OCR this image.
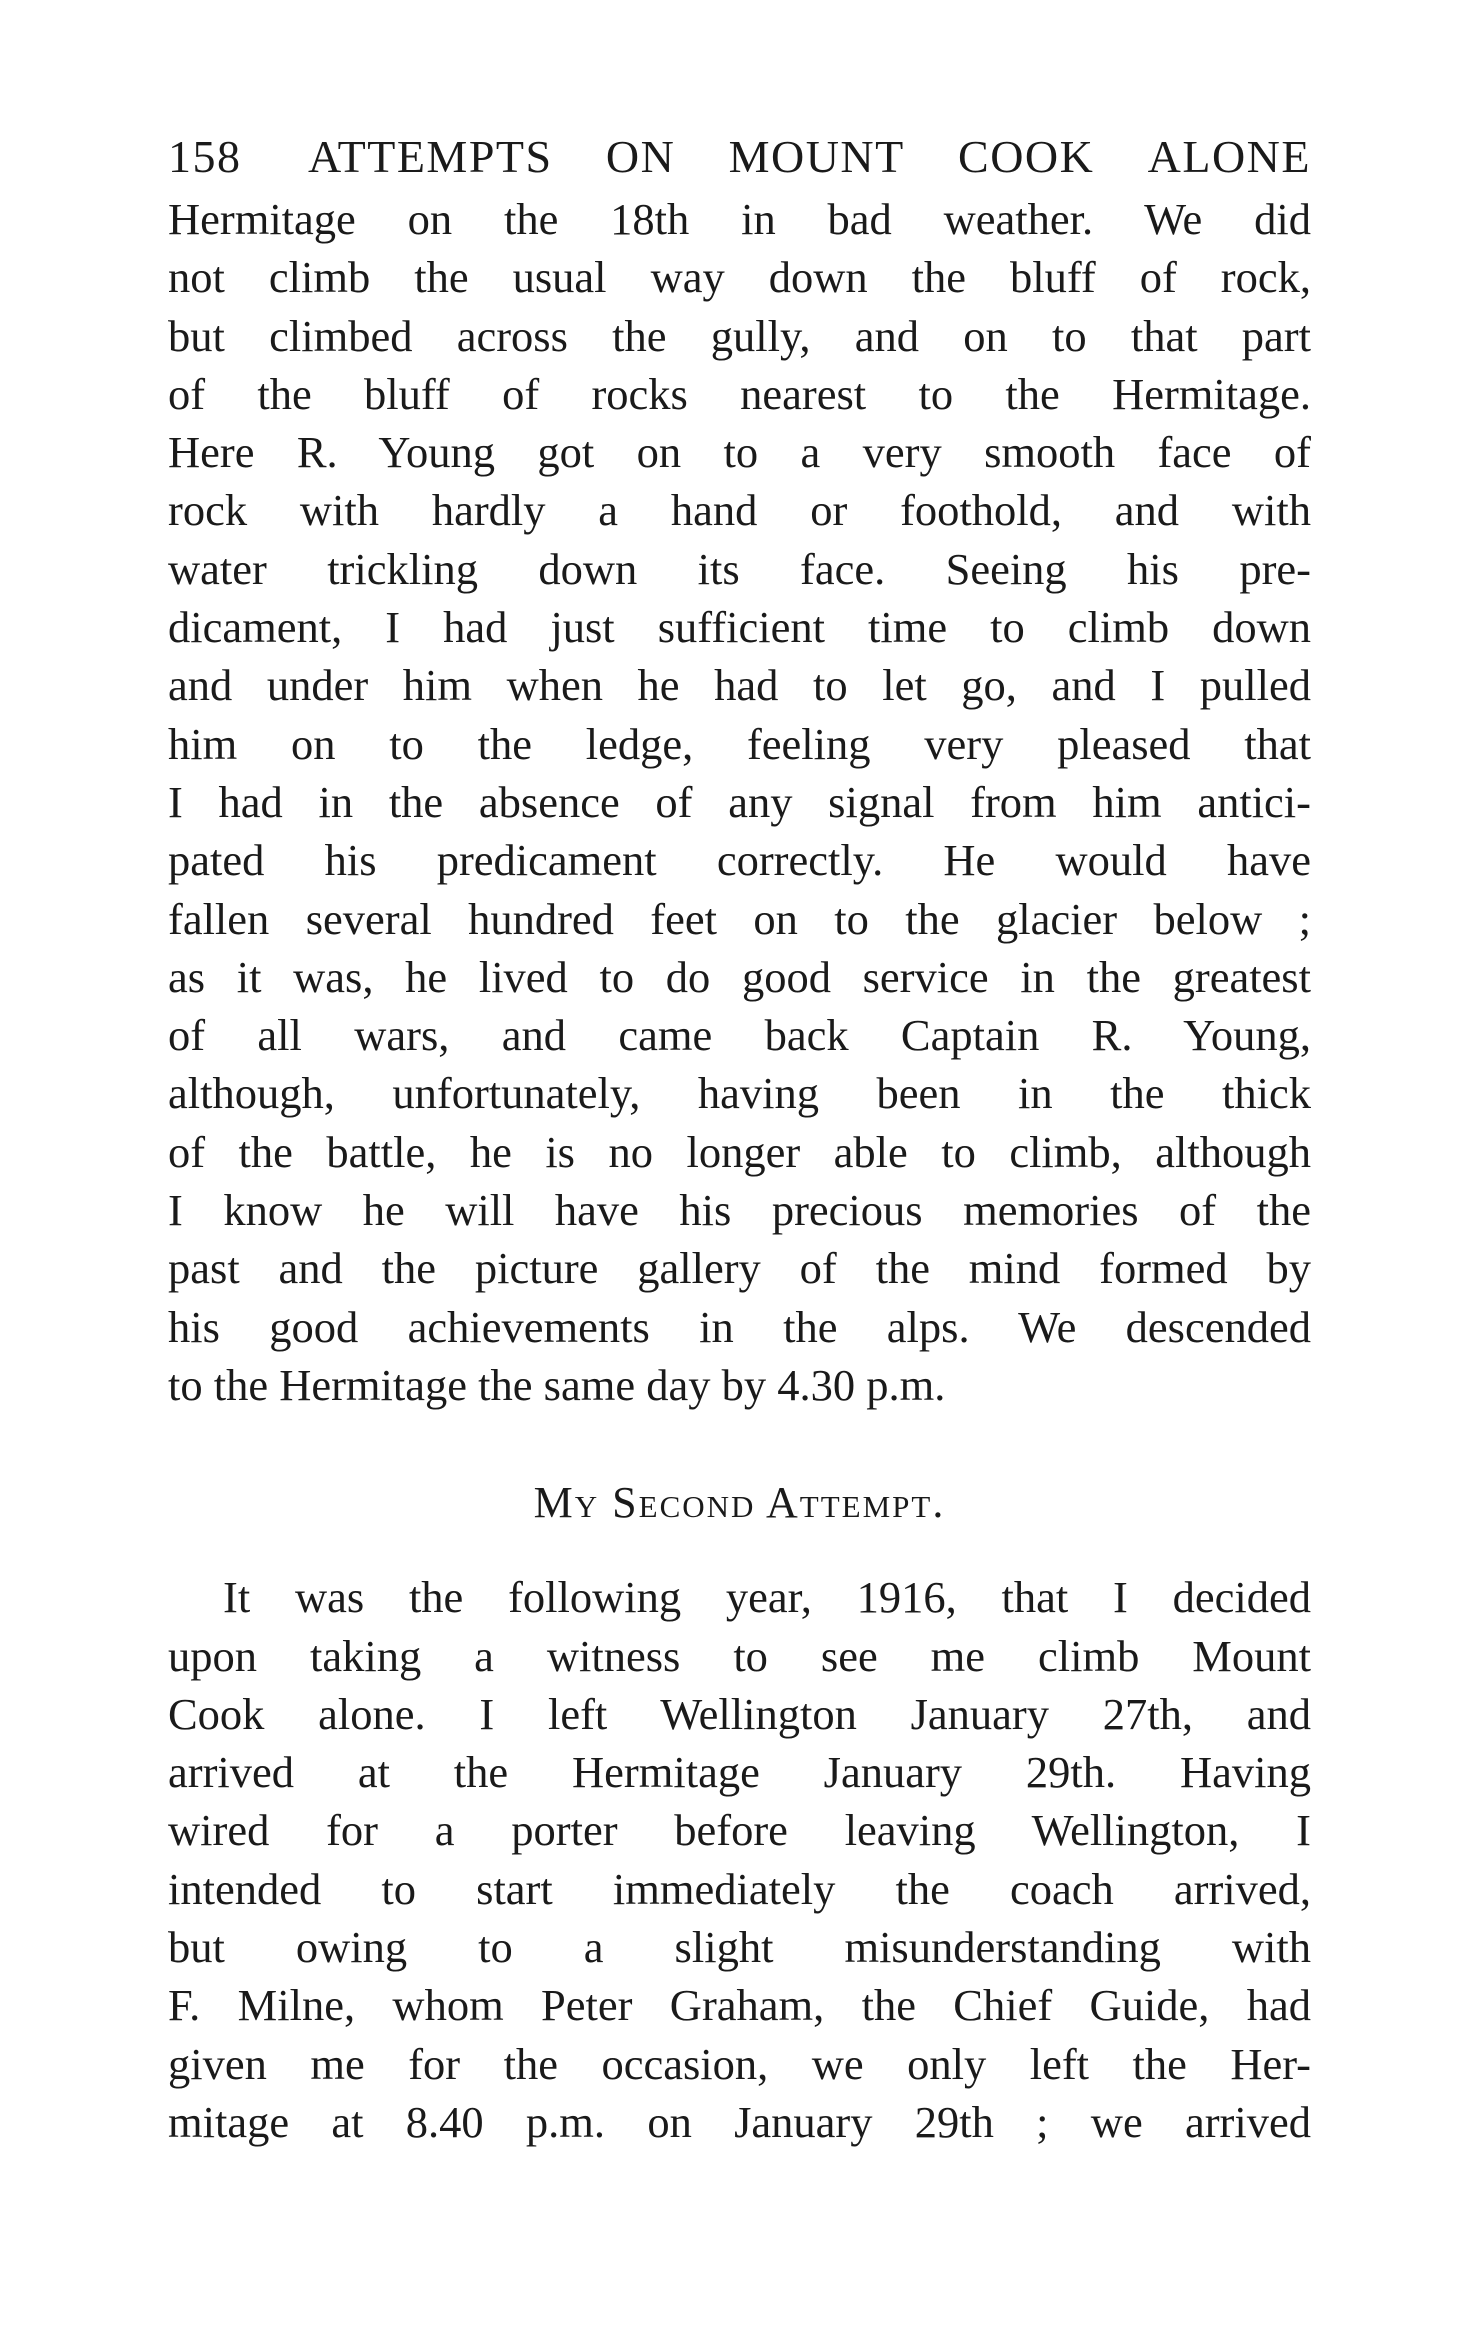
158	ATTEMPTS ON MOUNT COOK ALONE
Hermitage on the 18th in bad weather. We did
not climb the usual way down the bluff of rock,
but climbed across the gully, and on to that part
of the bluff of rocks nearest to the Hermitage.
Here R. Young got on to a very smooth face of
rock with hardly a hand or foothold, and with
water trickling down its face. Seeing his pre-
dicament, I had just sufficient time to climb down
and under him when he had to let go, and I pulled
him on to the ledge, feeling very pleased that
I had in the absence of any signal from him antici-
pated his predicament correctly. He would have
fallen several hundred feet on to the glacier below ;
as it was, he lived to do good service in the greatest
of all wars, and came back Captain R. Young,
although, unfortunately, having been in the thick
of the battle, he is no longer able to climb, although
I know he will have his precious memories of the
past and the picture gallery of the mind formed by
his good achievements in the alps. We descended
to the Hermitage the same day by 4.30 p.m.
My Second Attempt.
It was the following year, 1916, that I decided
upon taking a witness to see me climb Mount
Cook alone. I left Wellington January 27th, and
arrived at the Hermitage January 29th. Having
wired for a porter before leaving Wellington, I
intended to start immediately the coach arrived,
but owing to a slight misunderstanding with
F. Milne, whom Peter Graham, the Chief Guide, had
given me for the occasion, we only left the Her-
mitage at 8.40 p.m. on January 29th ; we arrived
